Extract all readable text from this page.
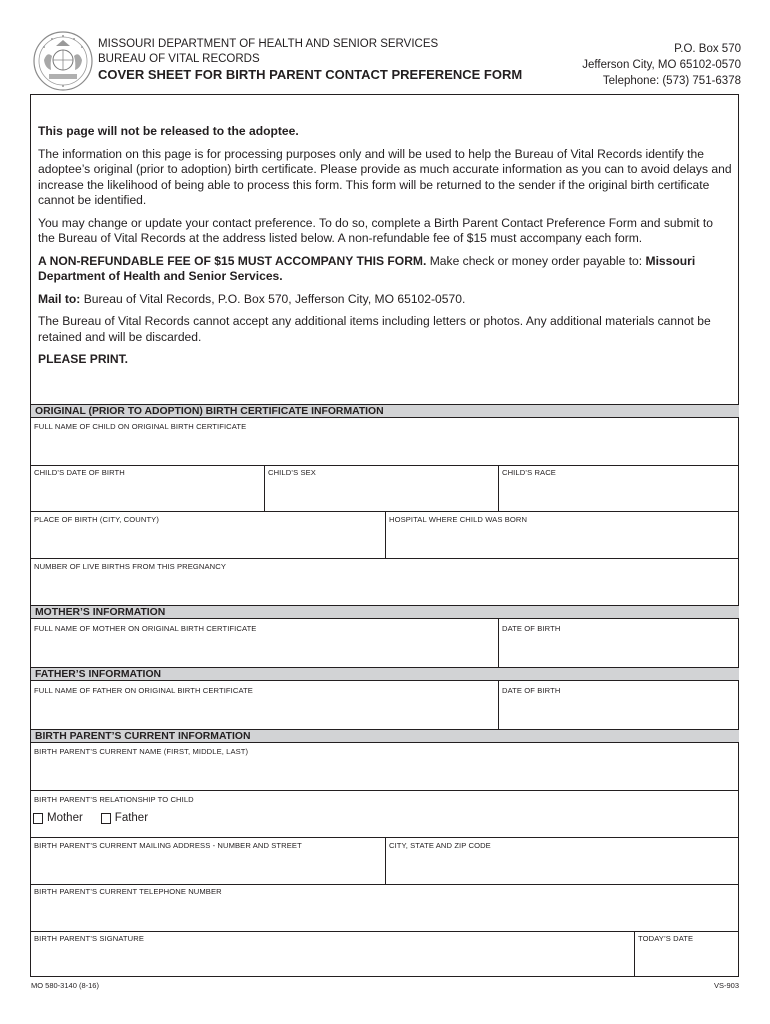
MISSOURI DEPARTMENT OF HEALTH AND SENIOR SERVICES
BUREAU OF VITAL RECORDS
COVER SHEET FOR BIRTH PARENT CONTACT PREFERENCE FORM
P.O. Box 570
Jefferson City, MO 65102-0570
Telephone: (573) 751-6378

This page will not be released to the adoptee.

The information on this page is for processing purposes only and will be used to help the Bureau of Vital Records identify the adoptee’s original (prior to adoption) birth certificate. Please provide as much accurate information as you can to avoid delays and increase the likelihood of being able to process this form. This form will be returned to the sender if the original birth certificate cannot be identified.

You may change or update your contact preference. To do so, complete a Birth Parent Contact Preference Form and submit to the Bureau of Vital Records at the address listed below. A non-refundable fee of $15 must accompany each form.

A NON-REFUNDABLE FEE OF $15 MUST ACCOMPANY THIS FORM. Make check or money order payable to: Missouri Department of Health and Senior Services.

Mail to: Bureau of Vital Records, P.O. Box 570, Jefferson City, MO 65102-0570.

The Bureau of Vital Records cannot accept any additional items including letters or photos. Any additional materials cannot be retained and will be discarded.

PLEASE PRINT.

ORIGINAL (PRIOR TO ADOPTION) BIRTH CERTIFICATE INFORMATION
FULL NAME OF CHILD ON ORIGINAL BIRTH CERTIFICATE
CHILD’S DATE OF BIRTH	CHILD’S SEX	CHILD’S RACE
PLACE OF BIRTH (CITY, COUNTY)	HOSPITAL WHERE CHILD WAS BORN
NUMBER OF LIVE BIRTHS FROM THIS PREGNANCY
MOTHER’S INFORMATION
FULL NAME OF MOTHER ON ORIGINAL BIRTH CERTIFICATE	DATE OF BIRTH
FATHER’S INFORMATION
FULL NAME OF FATHER ON ORIGINAL BIRTH CERTIFICATE	DATE OF BIRTH
BIRTH PARENT’S CURRENT INFORMATION
BIRTH PARENT’S CURRENT NAME (FIRST, MIDDLE, LAST)
BIRTH PARENT’S RELATIONSHIP TO CHILD
Mother	Father
BIRTH PARENT’S CURRENT MAILING ADDRESS - NUMBER AND STREET	CITY, STATE AND ZIP CODE
BIRTH PARENT’S CURRENT TELEPHONE NUMBER
BIRTH PARENT’S SIGNATURE	TODAY’S DATE
MO 580-3140 (8-16)	VS-903
